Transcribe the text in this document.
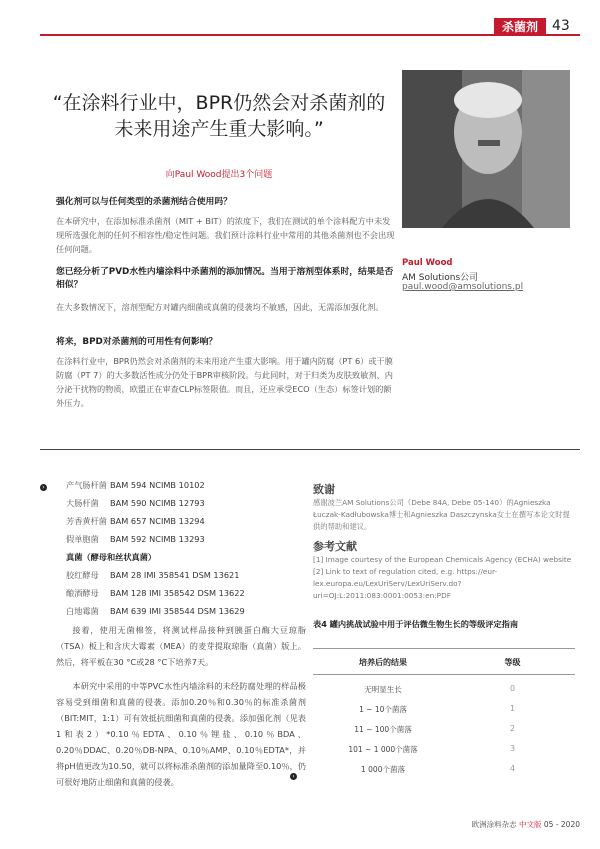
杀菌剂	43
“在涂料行业中，BPR仍然会对杀菌剂的未来用途产生重大影响。”
向Paul Wood提出3个问题
Paul Wood
AM Solutions公司
paul.wood@amsolutions.pl
强化剂可以与任何类型的杀菌剂结合使用吗？
在本研究中，在添加标准杀菌剂（MIT + BIT）的浓度下，我们在测试的单个涂料配方中未发现所选强化剂的任何不相容性/稳定性问题。我们预计涂料行业中常用的其他杀菌剂也不会出现任何问题。
您已经分析了PVD水性内墙涂料中杀菌剂的添加情况。当用于溶剂型体系时，结果是否相似？
在大多数情况下，溶剂型配方对罐内细菌或真菌的侵袭均不敏感，因此，无需添加强化剂。
将来，BPD对杀菌剂的可用性有何影响？
在涂料行业中，BPR仍然会对杀菌剂的未来用途产生重大影响。用于罐内防腐（PT 6）或干膜防腐（PT 7）的大多数活性成分仍处于BPR审核阶段。与此同时，对于归类为皮肤致敏剂、内分泌干扰物的物质，欧盟正在审查CLP标签限值。而且，还应承受ECO（生态）标签计划的额外压力。
›	产气肠杆菌 BAM 594 NCIMB 10102
大肠杆菌	BAM 590 NCIMB 12793
芳香黄杆菌 BAM 657 NCIMB 13294
假单胞菌	BAM 592 NCIMB 13293
真菌（酵母和丝状真菌）
胶红酵母	BAM 28 IMI 358541 DSM 13621
酿酒酵母	BAM 128 IMI 358542 DSM 13622
白地霉菌	BAM 639 IMI 358544 DSM 13629
接着，使用无菌棉签，将测试样品接种到胰蛋白酶大豆琼脂（TSA）板上和含庆大霉素（MEA）的麦芽提取琼脂（真菌）版上。然后，将平板在30 °C或28 °C下培养7天。
本研究中采用的中等PVC水性内墙涂料的未经防腐处理的样品极容易受到细菌和真菌的侵袭。添加0.20％和0.30％的标准杀菌剂（BIT:MIT，1:1）可有效抵抗细菌和真菌的侵袭。添加强化剂（见表1和表2）*0.10％EDTA、0.10％锂盐、0.10％BDA、0.20％DDAC、0.20％DB-NPA、0.10％AMP、0.10％EDTA*，并将pH值更改为10.50，就可以将标准杀菌剂的添加量降至0.10％，仍可很好地防止细菌和真菌的侵袭。
‹
致谢
感谢波兰AM Solutions公司（Debe 84A, Debe 05-140）的Agnieszka Łuczak-Kadłubowska博士和Agnieszka Daszczynska女士在撰写本论文时提供的帮助和建议。
参考文献
[1] Image courtesy of the European Chemicals Agency (ECHA) website
[2] Link to text of regulation cited, e.g. https://eur-lex.europa.eu/LexUriServ/LexUriServ.do?uri=OJ:L:2011:083:0001:0053:en:PDF
表4 罐内挑战试验中用于评估微生物生长的等级评定指南
培养后的结果	等级
无明显生长	0
1 ~ 10个菌落	1
11 ~ 100个菌落	2
101 ~ 1 000个菌落	3
1 000个菌落	4
欧洲涂料杂志 中文版 05 - 2020
